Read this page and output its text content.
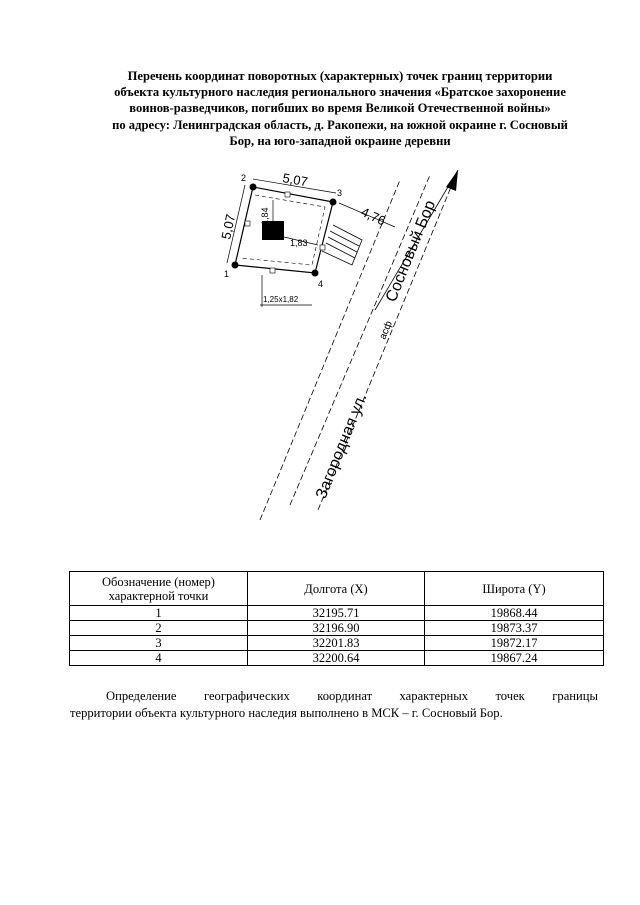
Перечень координат поворотных (характерных) точек границ территории
объекта культурного наследия регионального значения «Братское захоронение
воинов-разведчиков, погибших во время Великой Отечественной войны»
по адресу: Ленинградская область, д. Ракопежи, на южной окраине г. Сосновый
Бор, на юго-западной окраине деревни
2
3
4
1
5,07
5,07	4,76
1,84
1,83
1,25х1,82
Загородная ул.
асф
Сосновый Бор
Обозначение (номер) характерной точки	Долгота (X)	Широта (Y)
1	32195.71	19868.44
2	32196.90	19873.37
3	32201.83	19872.17
4	32200.64	19867.24
Определение географических координат характерных точек границы
территории объекта культурного наследия выполнено в МСК – г. Сосновый Бор.
